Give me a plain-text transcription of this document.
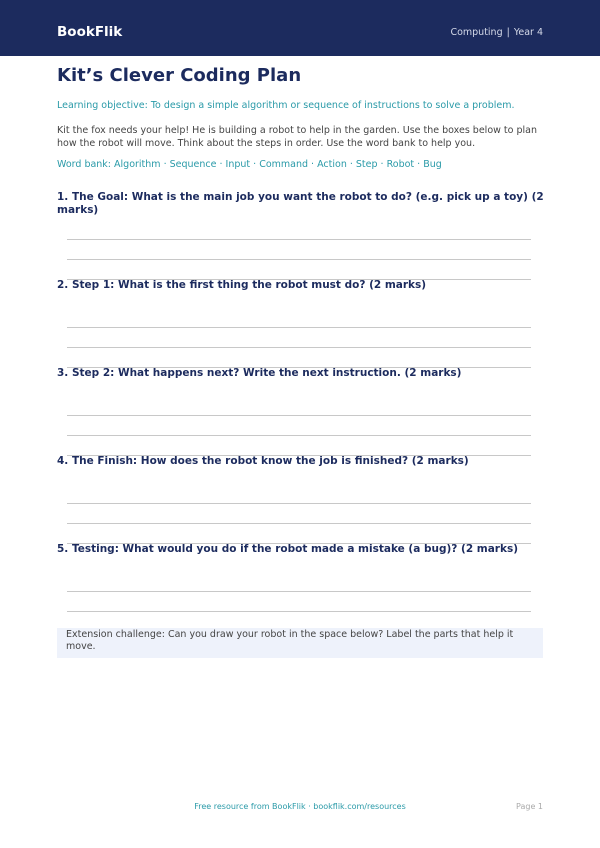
BookFlik	Computing | Year 4
Kit’s Clever Coding Plan
Learning objective: To design a simple algorithm or sequence of instructions to solve a problem.
Kit the fox needs your help! He is building a robot to help in the garden. Use the boxes below to plan how the robot will move. Think about the steps in order. Use the word bank to help you.
Word bank: Algorithm · Sequence · Input · Command · Action · Step · Robot · Bug

1. The Goal: What is the main job you want the robot to do? (e.g. pick up a toy) (2 marks)

2. Step 1: What is the first thing the robot must do? (2 marks)

3. Step 2: What happens next? Write the next instruction. (2 marks)

4. The Finish: How does the robot know the job is finished? (2 marks)

5. Testing: What would you do if the robot made a mistake (a bug)? (2 marks)

Extension challenge: Can you draw your robot in the space below? Label the parts that help it move.
Free resource from BookFlik · bookflik.com/resources	Page 1
